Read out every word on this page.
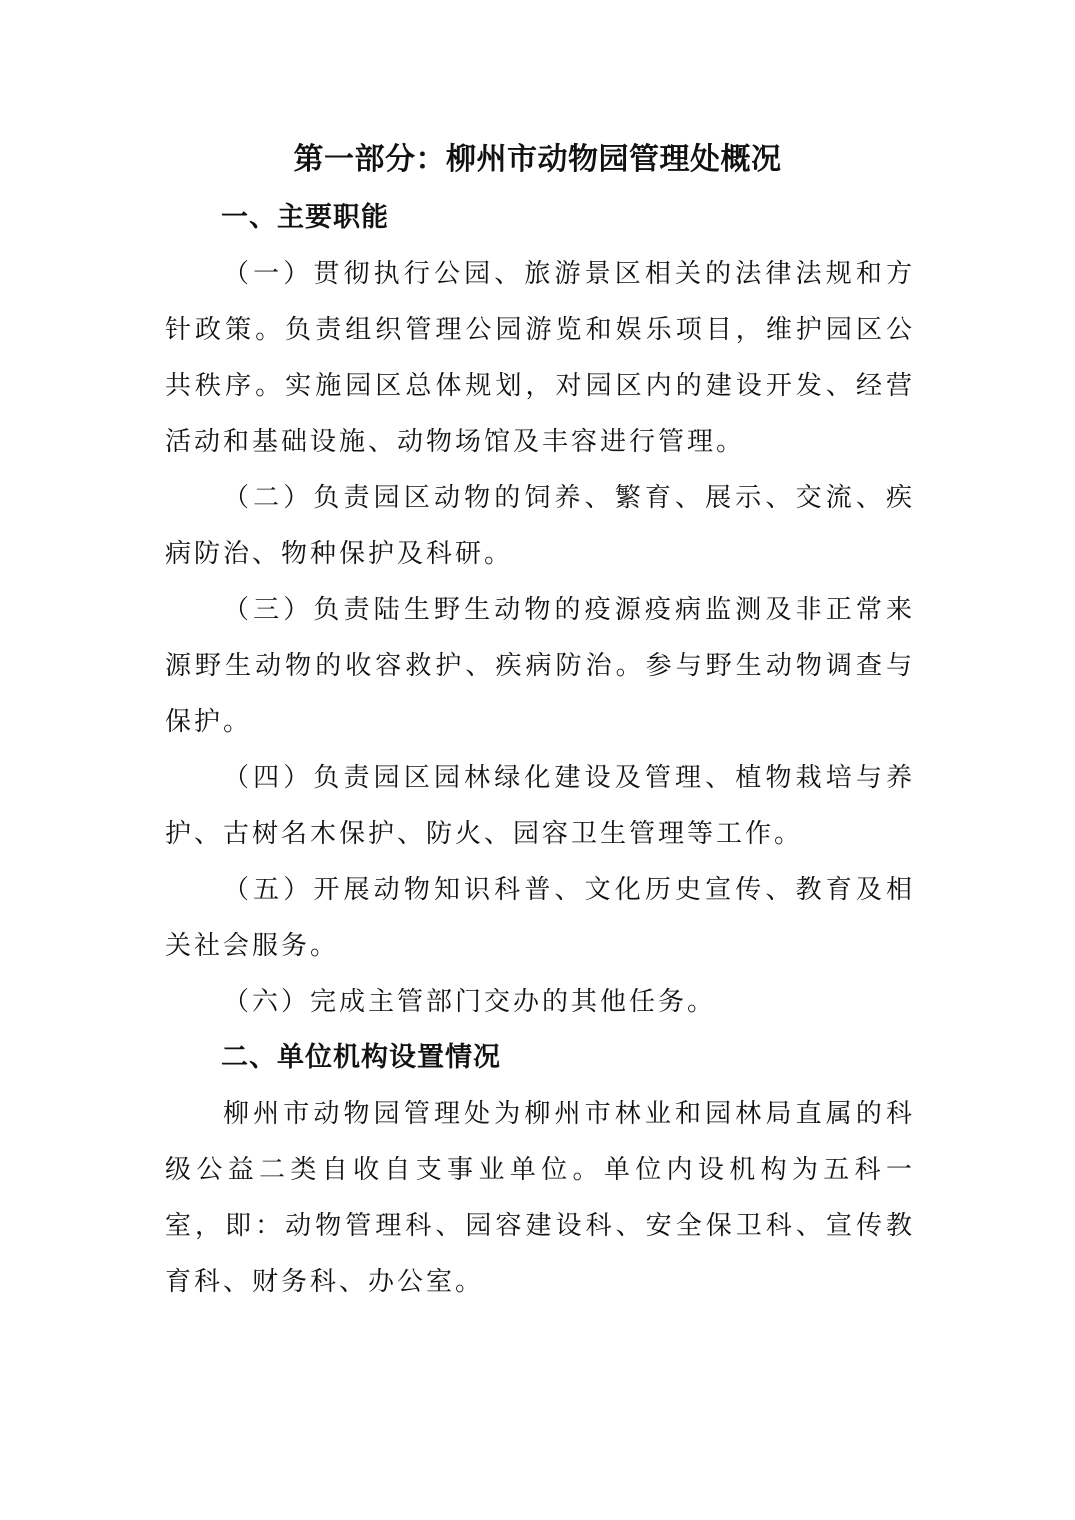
第一部分：柳州市动物园管理处概况
一、主要职能

（一）贯彻执行公园、旅游景区相关的法律法规和方针政策。负责组织管理公园游览和娱乐项目，维护园区公共秩序。实施园区总体规划，对园区内的建设开发、经营活动和基础设施、动物场馆及丰容进行管理。

（二）负责园区动物的饲养、繁育、展示、交流、疾病防治、物种保护及科研。

（三）负责陆生野生动物的疫源疫病监测及非正常来源野生动物的收容救护、疾病防治。参与野生动物调查与保护。

（四）负责园区园林绿化建设及管理、植物栽培与养护、古树名木保护、防火、园容卫生管理等工作。

（五）开展动物知识科普、文化历史宣传、教育及相关社会服务。

（六）完成主管部门交办的其他任务。

二、单位机构设置情况

柳州市动物园管理处为柳州市林业和园林局直属的科级公益二类自收自支事业单位。单位内设机构为五科一室，即：动物管理科、园容建设科、安全保卫科、宣传教育科、财务科、办公室。
